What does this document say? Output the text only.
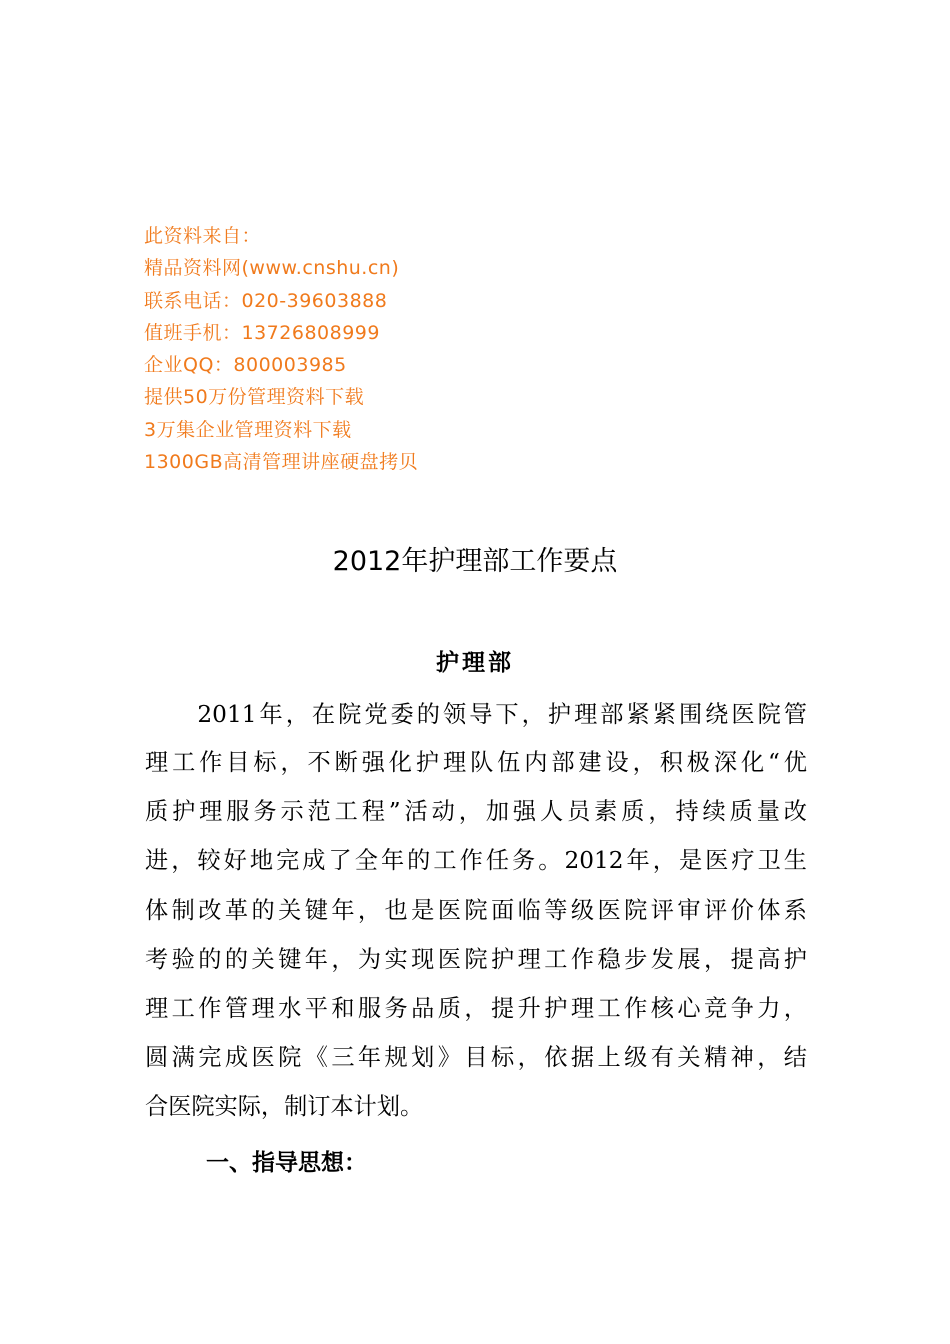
此资料来自：
精品资料网(www.cnshu.cn)
联系电话：020-39603888
值班手机：13726808999
企业QQ：800003985
提供50万份管理资料下载
3万集企业管理资料下载
1300GB高清管理讲座硬盘拷贝
2012年护理部工作要点
护理部
　　2011年，在院党委的领导下，护理部紧紧围绕医院管
理工作目标，不断强化护理队伍内部建设，积极深化“优
质护理服务示范工程”活动，加强人员素质，持续质量改
进，较好地完成了全年的工作任务。2012年，是医疗卫生
体制改革的关键年，也是医院面临等级医院评审评价体系
考验的的关键年，为实现医院护理工作稳步发展，提高护
理工作管理水平和服务品质，提升护理工作核心竞争力，
圆满完成医院《三年规划》目标，依据上级有关精神，结
合医院实际，制订本计划。
一、指导思想：
